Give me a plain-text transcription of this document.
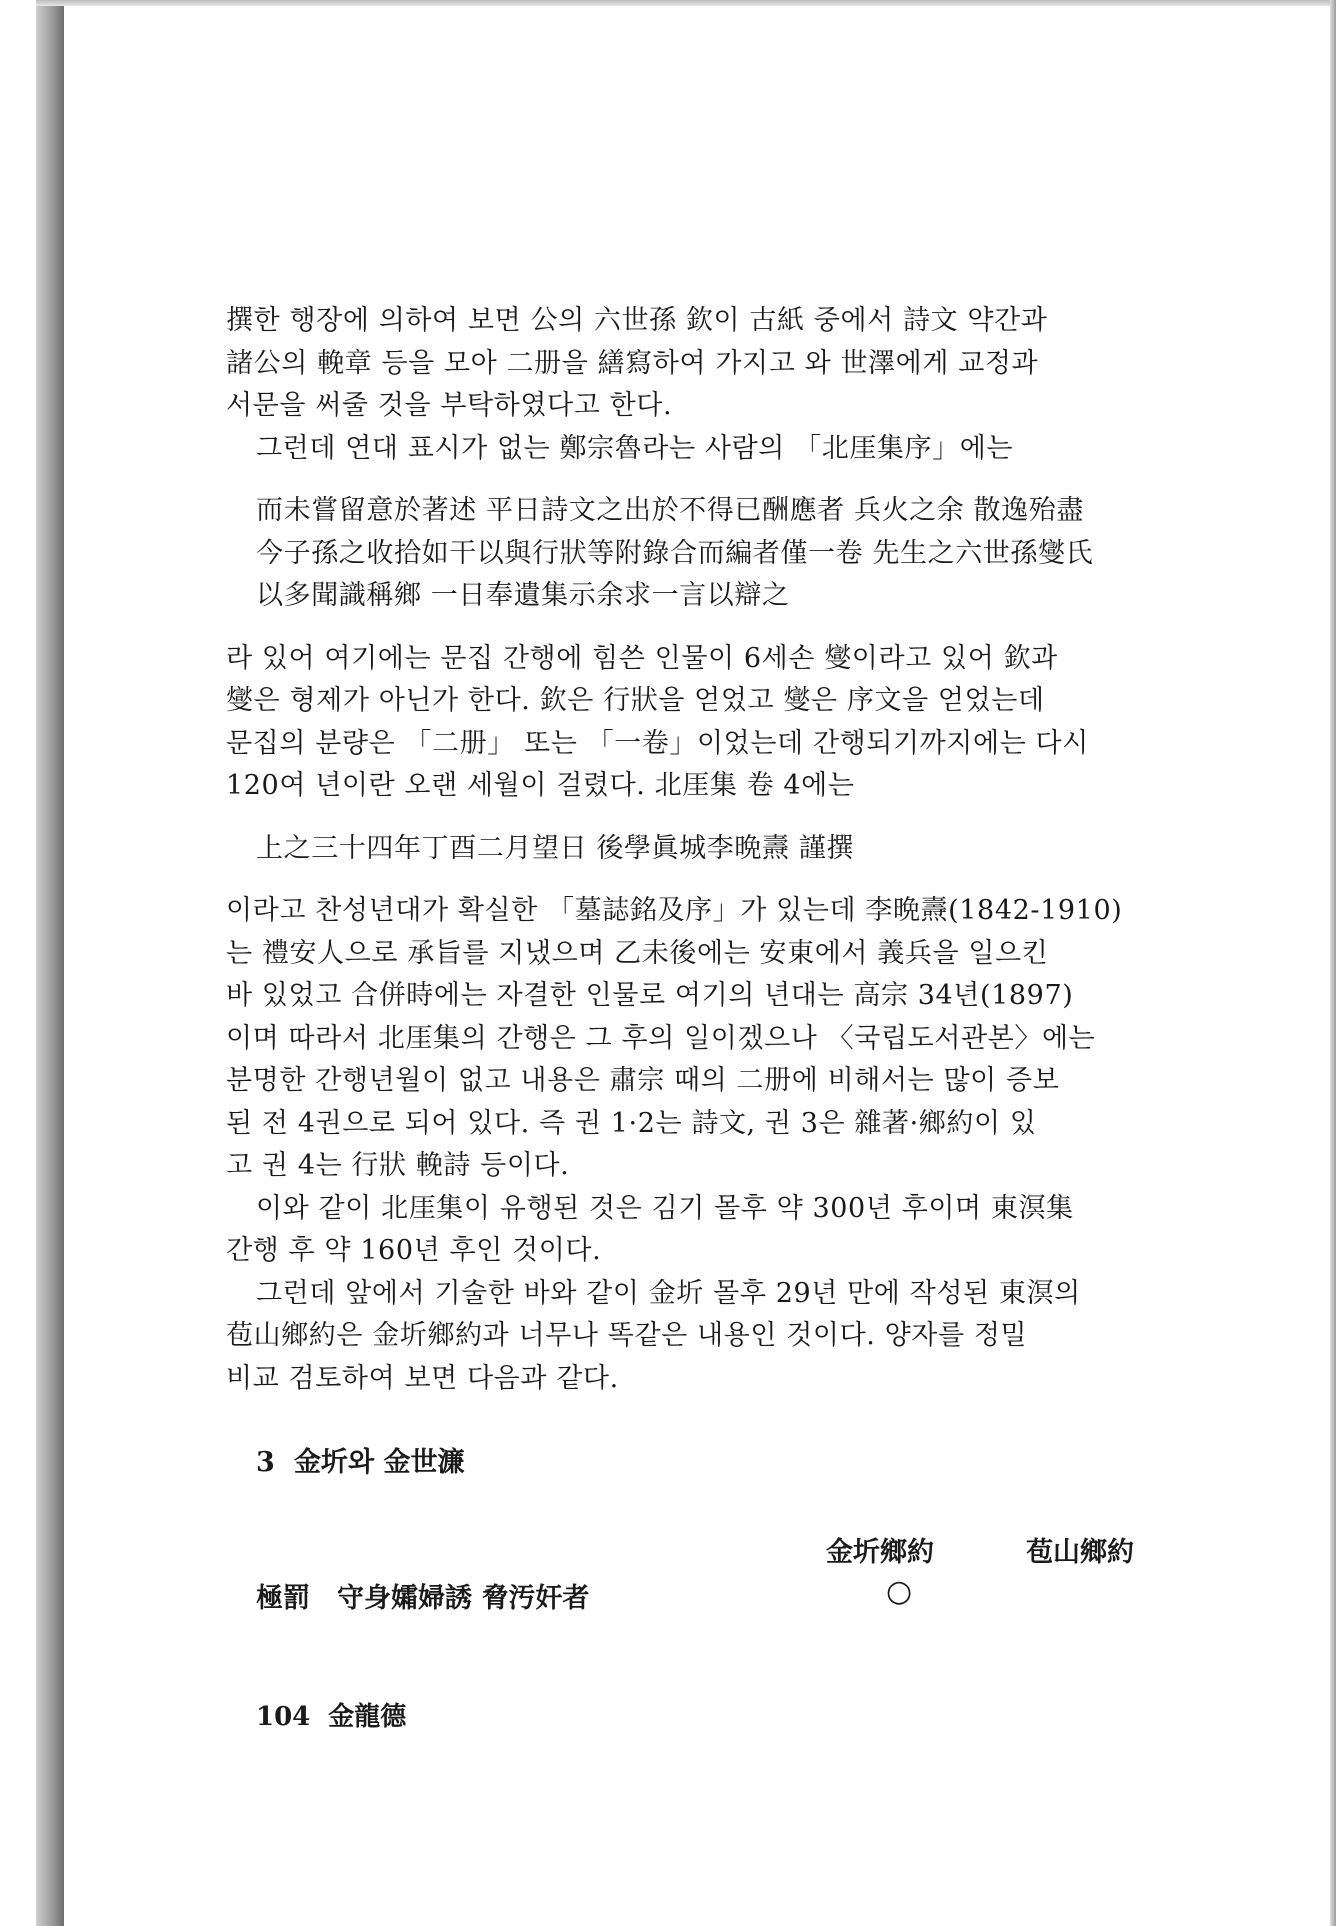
撰한 행장에 의하여 보면 公의 六世孫 欽이 古紙 중에서 詩文 약간과
諸公의 輓章 등을 모아 二册을 繕寫하여 가지고 와 世澤에게 교정과
서문을 써줄 것을 부탁하였다고 한다.
그런데 연대 표시가 없는 鄭宗魯라는 사람의 「北厓集序」에는
而未嘗留意於著述 平日詩文之出於不得已酬應者 兵火之余 散逸殆盡
今子孫之收拾如干以與行狀等附錄合而編者僅一卷 先生之六世孫燮氏
以多聞識稱鄉 一日奉遺集示余求一言以辯之
라 있어 여기에는 문집 간행에 힘쓴 인물이 6세손 燮이라고 있어 欽과
燮은 형제가 아닌가 한다. 欽은 行狀을 얻었고 燮은 序文을 얻었는데
문집의 분량은 「二册」 또는 「一卷」이었는데 간행되기까지에는 다시
120여 년이란 오랜 세월이 걸렸다. 北厓集 卷 4에는
上之三十四年丁酉二月望日 後學眞城李晩燾 謹撰
이라고 찬성년대가 확실한 「墓誌銘及序」가 있는데 李晩燾(1842-1910)
는 禮安人으로 承旨를 지냈으며 乙未後에는 安東에서 義兵을 일으킨
바 있었고 合併時에는 자결한 인물로 여기의 년대는 高宗 34년(1897)
이며 따라서 北厓集의 간행은 그 후의 일이겠으나 〈국립도서관본〉에는
분명한 간행년월이 없고 내용은 肅宗 때의 二册에 비해서는 많이 증보
된 전 4권으로 되어 있다. 즉 권 1·2는 詩文, 권 3은 雜著·鄉約이 있
고 권 4는 行狀 輓詩 등이다.
이와 같이 北厓集이 유행된 것은 김기 몰후 약 300년 후이며 東溟集
간행 후 약 160년 후인 것이다.
그런데 앞에서 기술한 바와 같이 金圻 몰후 29년 만에 작성된 東溟의
苞山鄉約은 金圻鄉約과 너무나 똑같은 내용인 것이다. 양자를 정밀
비교 검토하여 보면 다음과 같다.
3 金圻와 金世濂
金圻鄉約	苞山鄉約
極罰　守身孀婦誘 脅汚奸者	○
104 金龍德
